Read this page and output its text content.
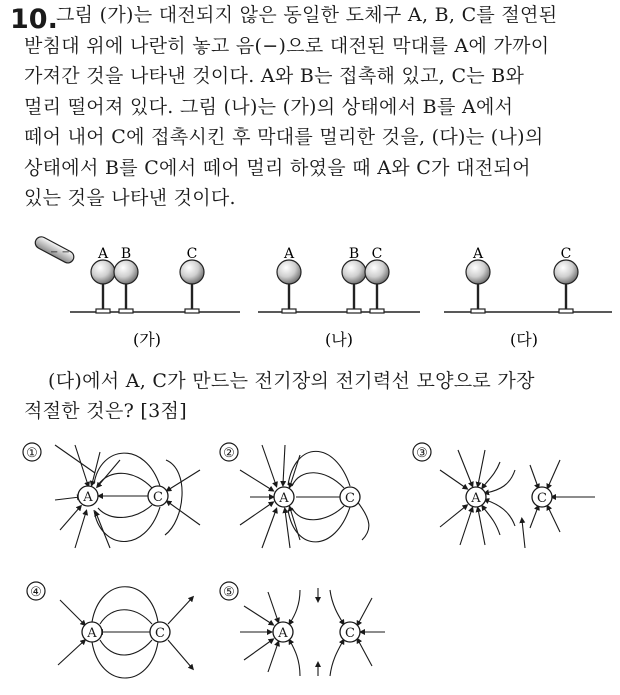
10.
그림 (가)는 대전되지 않은 동일한 도체구 A, B, C를 절연된
받침대 위에 나란히 놓고 음(−)으로 대전된 막대를 A에 가까이
가져간 것을 나타낸 것이다. A와 B는 접촉해 있고, C는 B와
멀리 떨어져 있다. 그림 (나)는 (가)의 상태에서 B를 A에서
떼어 내어 C에 접촉시킨 후 막대를 멀리한 것을, (다)는 (나)의
상태에서 B를 C에서 떼어 멀리 하였을 때 A와 C가 대전되어
있는 것을 나타낸 것이다.
− − A B	C
(가)
A	B C
(나)
A	C
(다)
(다)에서 A, C가 만드는 전기장의 전기력선 모양으로 가장
적절한 것은? [3점]
①
A	C
②
A	C
③
A	C
④
A	C
⑤
A	C
